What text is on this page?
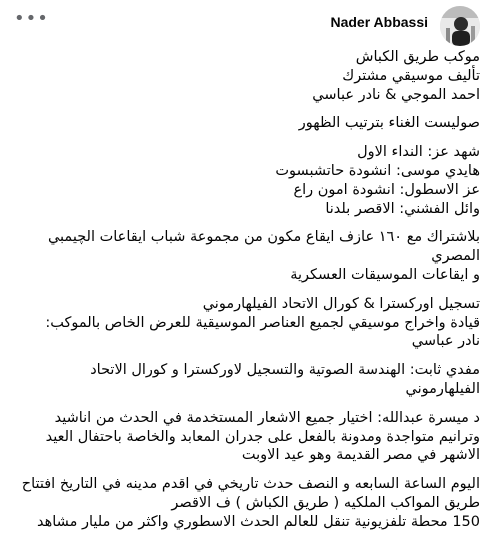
•••	Nader Abbassi

موكب طريق الكباش
تأليف موسيقي مشترك
احمد الموجي & نادر عباسي

صوليست الغناء بترتيب الظهور

شهد عز: النداء الاول
هايدي موسى: انشودة حاتشبسوت
عز الاسطول: انشودة امون راع
وائل الفشني: الاقصر بلدنا

بلاشتراك مع ١٦٠ عازف ايقاع مكون من مجموعة شباب ايقاعات الچيمبي المصري
و ايقاعات الموسيقات العسكرية

تسجيل اوركسترا & كورال الاتحاد الفيلهارموني
قيادة واخراج موسيقي لجميع العناصر الموسيقية للعرض الخاص بالموكب:
نادر عباسي

مفدي ثابت: الهندسة الصوتية والتسجيل لاوركسترا و كورال الاتحاد الفيلهارموني

د ميسرة عبدالله: اختيار جميع الاشعار المستخدمة في الحدث من اناشيد وترانيم متواجدة ومدونة بالفعل على جدران المعابد والخاصة باحتفال العيد الاشهر في مصر القديمة وهو عيد الاوبت

اليوم الساعة السابعه و النصف حدث تاريخي في اقدم مدينه في التاريخ افتتاح طريق المواكب الملكيه ( طريق الكباش ) ف الاقصر
150 محطة تلفزيونية تنقل للعالم الحدث الاسطوري واكثر من مليار مشاهد
